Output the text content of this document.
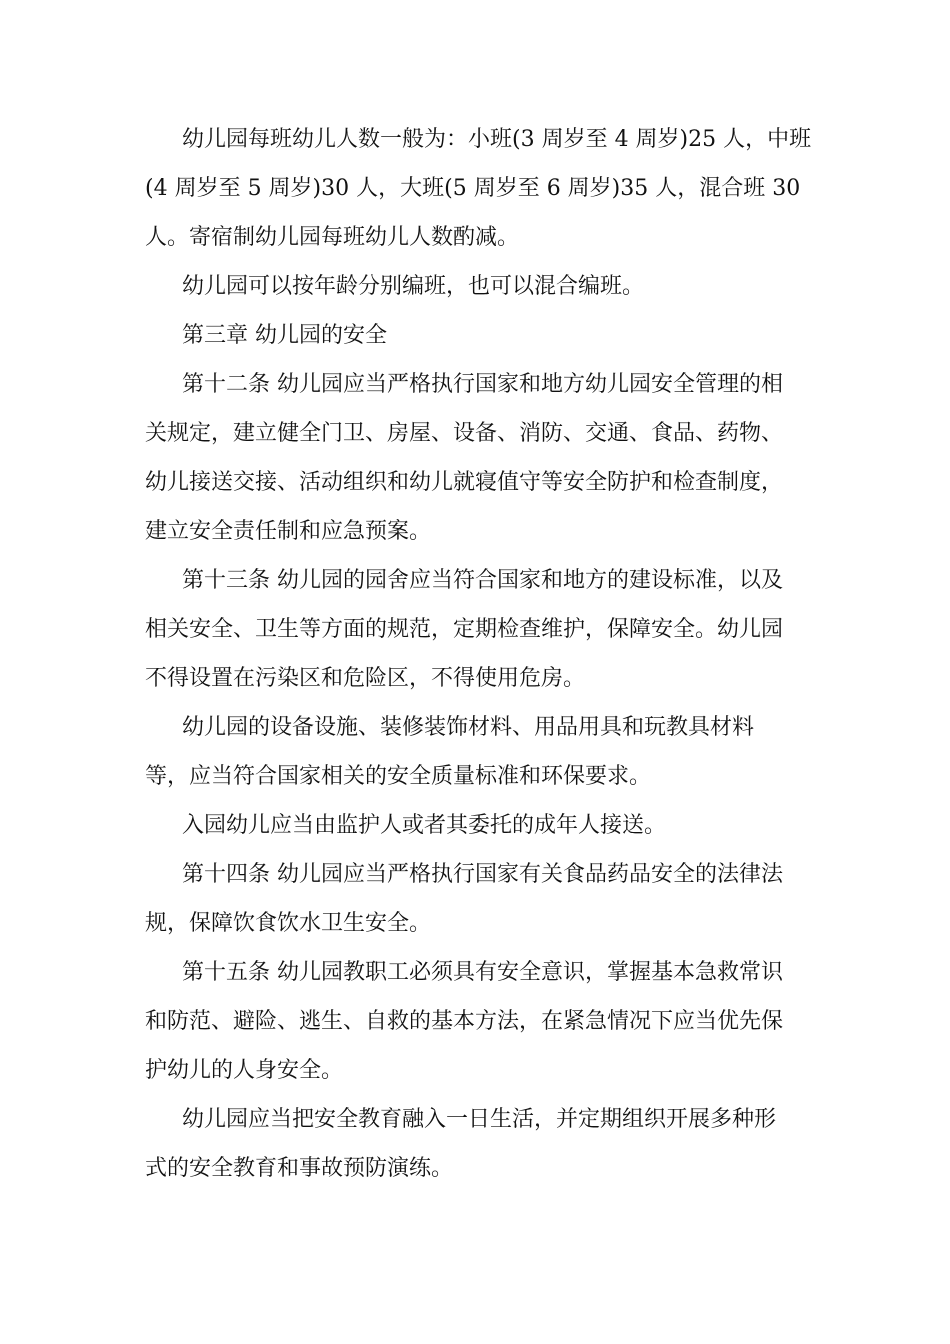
幼儿园每班幼儿人数一般为：小班(3 周岁至 4 周岁)25 人，中班
(4 周岁至 5 周岁)30 人，大班(5 周岁至 6 周岁)35 人，混合班 30
人。寄宿制幼儿园每班幼儿人数酌减。
幼儿园可以按年龄分别编班，也可以混合编班。
第三章 幼儿园的安全
第十二条 幼儿园应当严格执行国家和地方幼儿园安全管理的相
关规定，建立健全门卫、房屋、设备、消防、交通、食品、药物、
幼儿接送交接、活动组织和幼儿就寝值守等安全防护和检查制度，
建立安全责任制和应急预案。
第十三条 幼儿园的园舍应当符合国家和地方的建设标准，以及
相关安全、卫生等方面的规范，定期检查维护，保障安全。幼儿园
不得设置在污染区和危险区，不得使用危房。
幼儿园的设备设施、装修装饰材料、用品用具和玩教具材料
等，应当符合国家相关的安全质量标准和环保要求。
入园幼儿应当由监护人或者其委托的成年人接送。
第十四条 幼儿园应当严格执行国家有关食品药品安全的法律法
规，保障饮食饮水卫生安全。
第十五条 幼儿园教职工必须具有安全意识，掌握基本急救常识
和防范、避险、逃生、自救的基本方法，在紧急情况下应当优先保
护幼儿的人身安全。
幼儿园应当把安全教育融入一日生活，并定期组织开展多种形
式的安全教育和事故预防演练。
